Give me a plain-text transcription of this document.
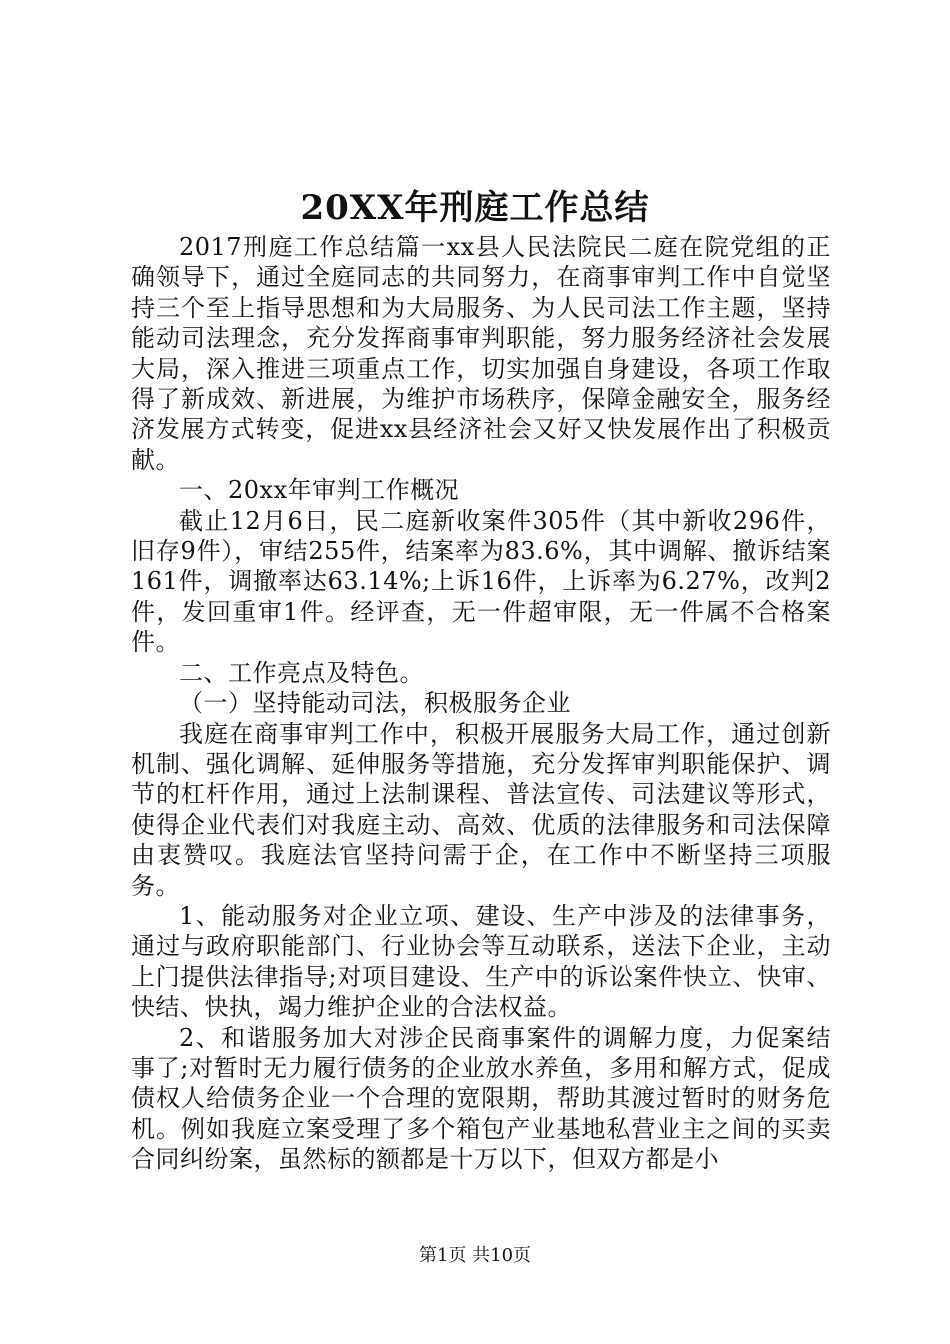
20XX年刑庭工作总结

2017刑庭工作总结篇一xx县人民法院民二庭在院党组的正确领导下，通过全庭同志的共同努力，在商事审判工作中自觉坚持三个至上指导思想和为大局服务、为人民司法工作主题，坚持能动司法理念，充分发挥商事审判职能，努力服务经济社会发展大局，深入推进三项重点工作，切实加强自身建设，各项工作取得了新成效、新进展，为维护市场秩序，保障金融安全，服务经济发展方式转变，促进xx县经济社会又好又快发展作出了积极贡献。

一、20xx年审判工作概况

截止12月6日，民二庭新收案件305件（其中新收296件，旧存9件），审结255件，结案率为83.6%，其中调解、撤诉结案161件，调撤率达63.14%;上诉16件，上诉率为6.27%，改判2件，发回重审1件。经评查，无一件超审限，无一件属不合格案件。

二、工作亮点及特色。

（一）坚持能动司法，积极服务企业

我庭在商事审判工作中，积极开展服务大局工作，通过创新机制、强化调解、延伸服务等措施，充分发挥审判职能保护、调节的杠杆作用，通过上法制课程、普法宣传、司法建议等形式，使得企业代表们对我庭主动、高效、优质的法律服务和司法保障由衷赞叹。我庭法官坚持问需于企，在工作中不断坚持三项服务。

1、能动服务对企业立项、建设、生产中涉及的法律事务，通过与政府职能部门、行业协会等互动联系，送法下企业，主动上门提供法律指导;对项目建设、生产中的诉讼案件快立、快审、快结、快执，竭力维护企业的合法权益。

2、和谐服务加大对涉企民商事案件的调解力度，力促案结事了;对暂时无力履行债务的企业放水养鱼，多用和解方式，促成债权人给债务企业一个合理的宽限期，帮助其渡过暂时的财务危机。例如我庭立案受理了多个箱包产业基地私营业主之间的买卖合同纠纷案，虽然标的额都是十万以下，但双方都是小

第1页 共10页
